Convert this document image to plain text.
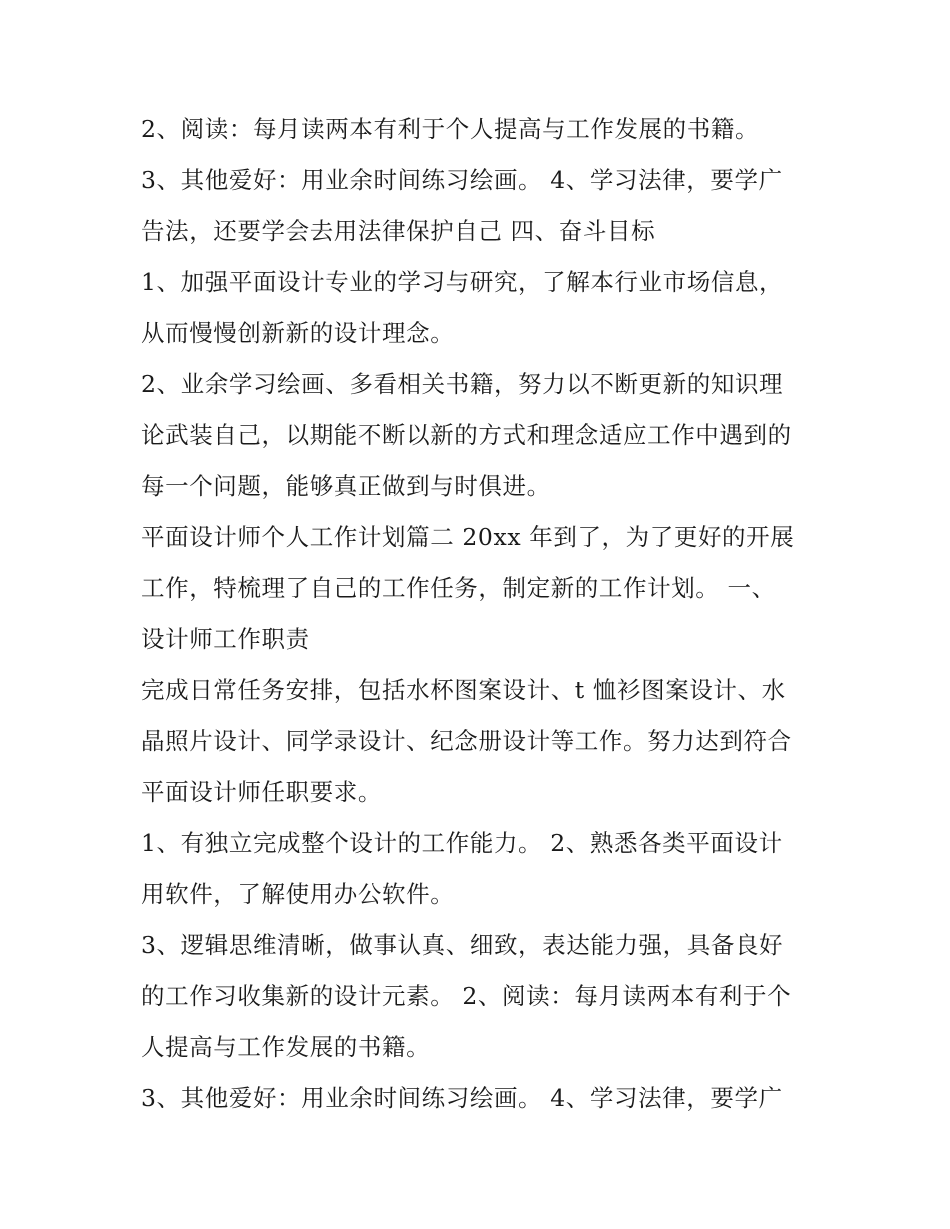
2、阅读：每月读两本有利于个人提高与工作发展的书籍。
3、其他爱好：用业余时间练习绘画。 4、学习法律，要学广
告法，还要学会去用法律保护自己 四、奋斗目标
1、加强平面设计专业的学习与研究，了解本行业市场信息，
从而慢慢创新新的设计理念。
2、业余学习绘画、多看相关书籍，努力以不断更新的知识理
论武装自己，以期能不断以新的方式和理念适应工作中遇到的
每一个问题，能够真正做到与时俱进。
平面设计师个人工作计划篇二 20xx 年到了，为了更好的开展
工作，特梳理了自己的工作任务，制定新的工作计划。 一、
设计师工作职责
完成日常任务安排，包括水杯图案设计、t 恤衫图案设计、水
晶照片设计、同学录设计、纪念册设计等工作。努力达到符合
平面设计师任职要求。
1、有独立完成整个设计的工作能力。 2、熟悉各类平面设计
用软件，了解使用办公软件。
3、逻辑思维清晰，做事认真、细致，表达能力强，具备良好
的工作习收集新的设计元素。 2、阅读：每月读两本有利于个
人提高与工作发展的书籍。
3、其他爱好：用业余时间练习绘画。 4、学习法律，要学广
